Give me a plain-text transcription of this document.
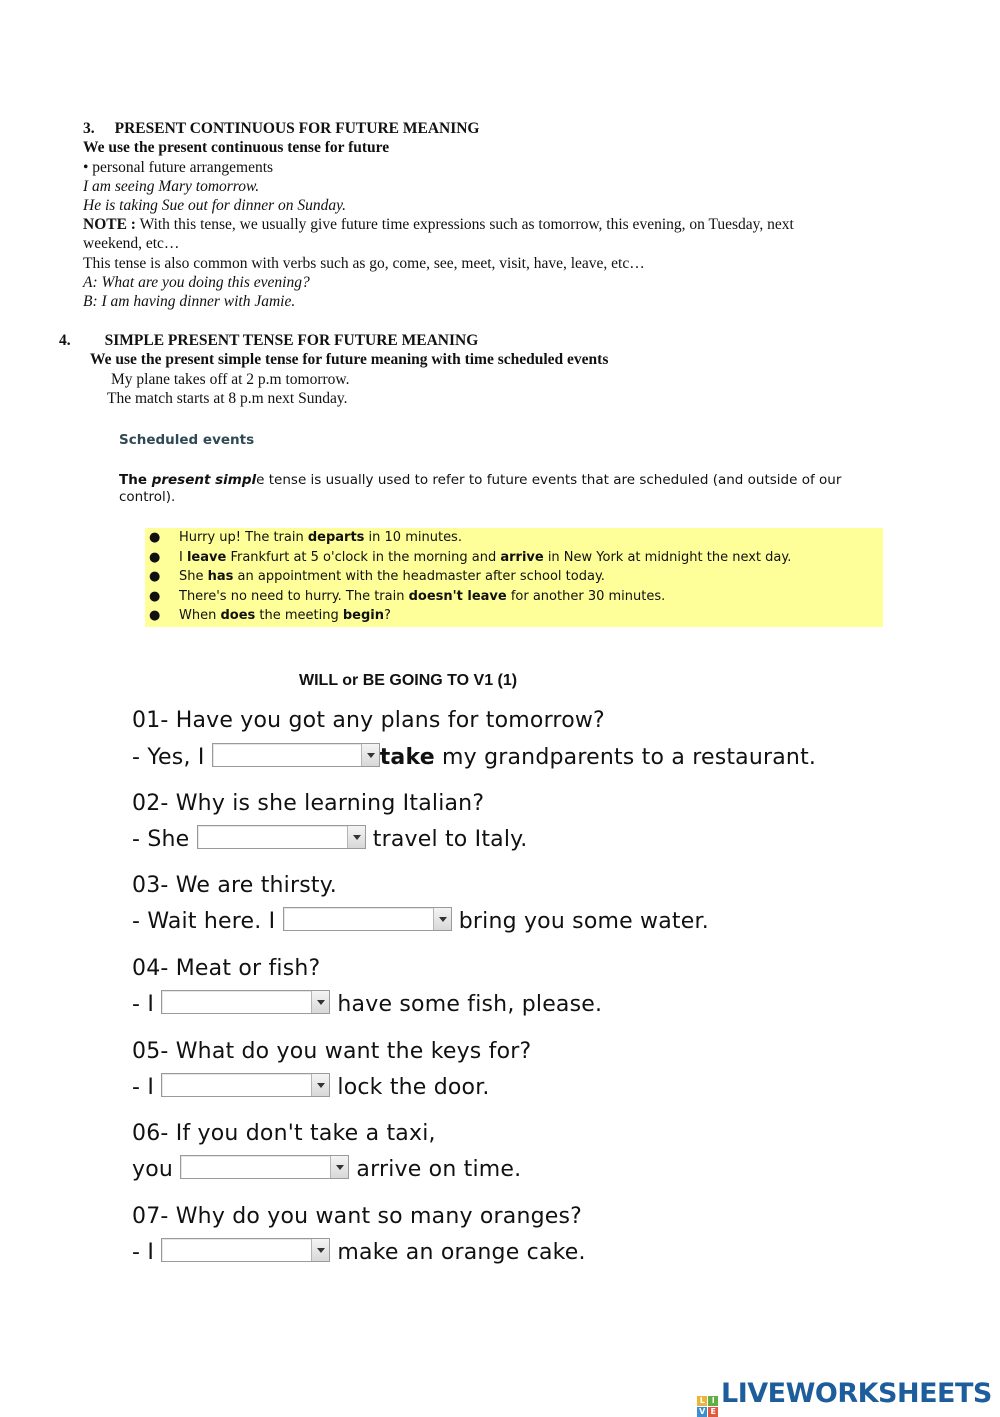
3. PRESENT CONTINUOUS FOR FUTURE MEANING
We use the present continuous tense for future
• personal future arrangements
I am seeing Mary tomorrow.
He is taking Sue out for dinner on Sunday.
NOTE : With this tense, we usually give future time expressions such as tomorrow, this evening, on Tuesday, next
weekend, etc…
This tense is also common with verbs such as go, come, see, meet, visit, have, leave, etc…
A: What are you doing this evening?
B: I am having dinner with Jamie.
4. SIMPLE PRESENT TENSE FOR FUTURE MEANING
We use the present simple tense for future meaning with time scheduled events
My plane takes off at 2 p.m tomorrow.
The match starts at 8 p.m next Sunday.
Scheduled events
The present simple tense is usually used to refer to future events that are scheduled (and outside of our control).
● Hurry up! The train departs in 10 minutes.
● I leave Frankfurt at 5 o'clock in the morning and arrive in New York at midnight the next day.
● She has an appointment with the headmaster after school today.
● There's no need to hurry. The train doesn't leave for another 30 minutes.
● When does the meeting begin?
WILL or BE GOING TO V1 (1)
01- Have you got any plans for tomorrow?
- Yes, I	take my grandparents to a restaurant.
02- Why is she learning Italian?
- She	travel to Italy.
03- We are thirsty.
- Wait here. I	bring you some water.
04- Meat or fish?
- I	have some fish, please.
05- What do you want the keys for?
- I	lock the door.
06- If you don't take a taxi,
you	arrive on time.
07- Why do you want so many oranges?
- I	make an orange cake.
L I
V E
LIVEWORKSHEETS
